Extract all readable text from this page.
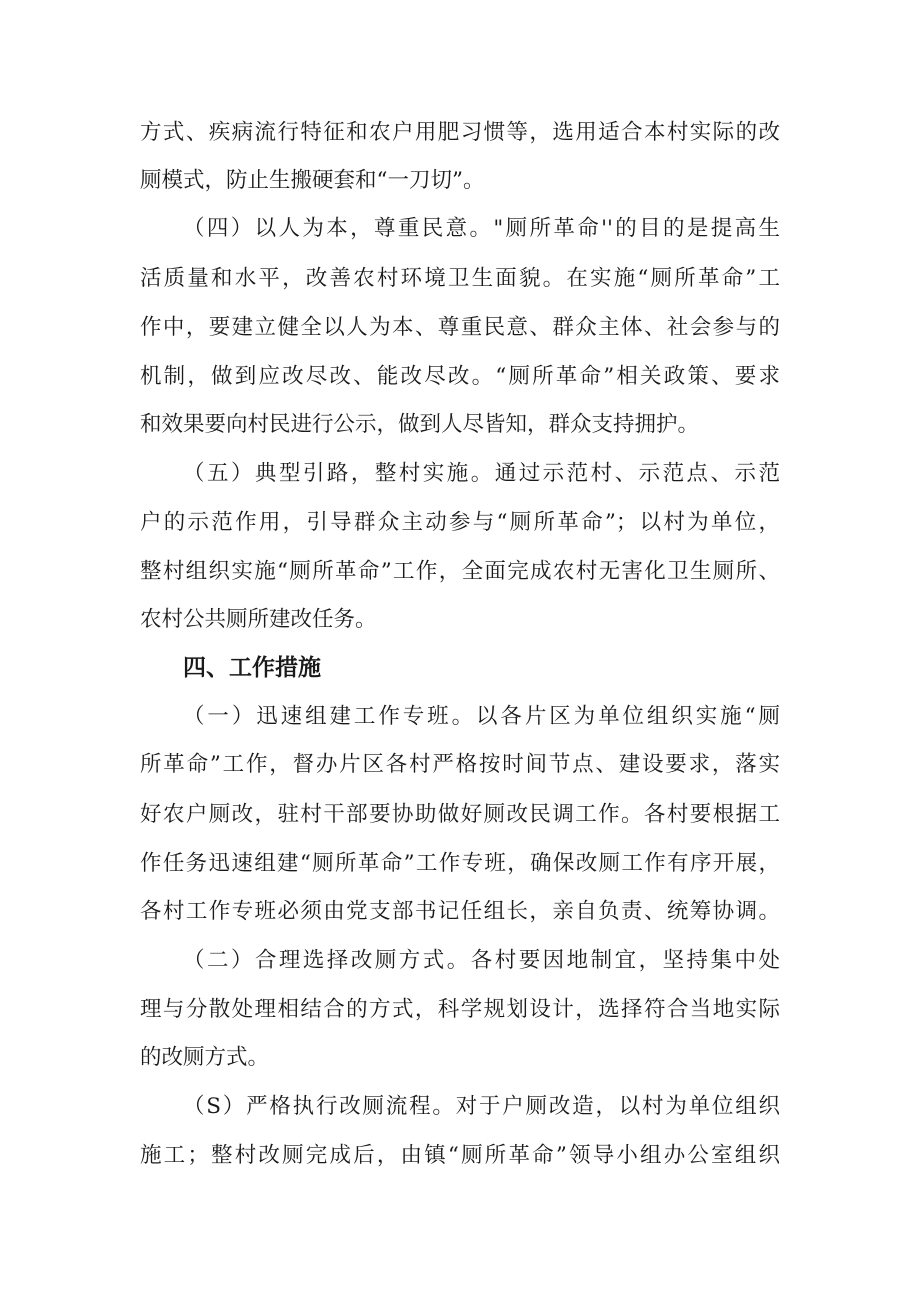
方式、疾病流行特征和农户用肥习惯等，选用适合本村实际的改
厕模式，防止生搬硬套和“一刀切”。
（四）以人为本，尊重民意。"厕所革命''的目的是提高生
活质量和水平，改善农村环境卫生面貌。在实施“厕所革命”工
作中，要建立健全以人为本、尊重民意、群众主体、社会参与的
机制，做到应改尽改、能改尽改。“厕所革命”相关政策、要求
和效果要向村民进行公示，做到人尽皆知，群众支持拥护。
（五）典型引路，整村实施。通过示范村、示范点、示范
户的示范作用，引导群众主动参与“厕所革命”；以村为单位，
整村组织实施“厕所革命”工作，全面完成农村无害化卫生厕所、
农村公共厕所建改任务。
四、工作措施
（一）迅速组建工作专班。以各片区为单位组织实施“厕
所革命”工作，督办片区各村严格按时间节点、建设要求，落实
好农户厕改，驻村干部要协助做好厕改民调工作。各村要根据工
作任务迅速组建“厕所革命”工作专班，确保改厕工作有序开展，
各村工作专班必须由党支部书记任组长，亲自负责、统筹协调。
（二）合理选择改厕方式。各村要因地制宜，坚持集中处
理与分散处理相结合的方式，科学规划设计，选择符合当地实际
的改厕方式。
（S）严格执行改厕流程。对于户厕改造，以村为单位组织
施工；整村改厕完成后，由镇“厕所革命”领导小组办公室组织
